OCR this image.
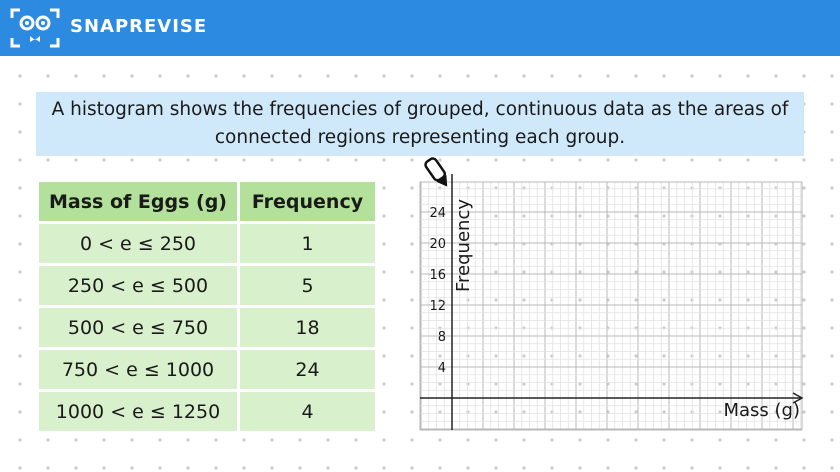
SNAPREVISE
A histogram shows the frequencies of grouped, continuous data as the areas of connected regions representing each group.
Mass of Eggs (g)	Frequency
0 < e ≤ 250	1
250 < e ≤ 500	5
500 < e ≤ 750	18
750 < e ≤ 1000	24
1000 < e ≤ 1250	4
4
8
12
16
20
24
Mass (g)
Frequency
